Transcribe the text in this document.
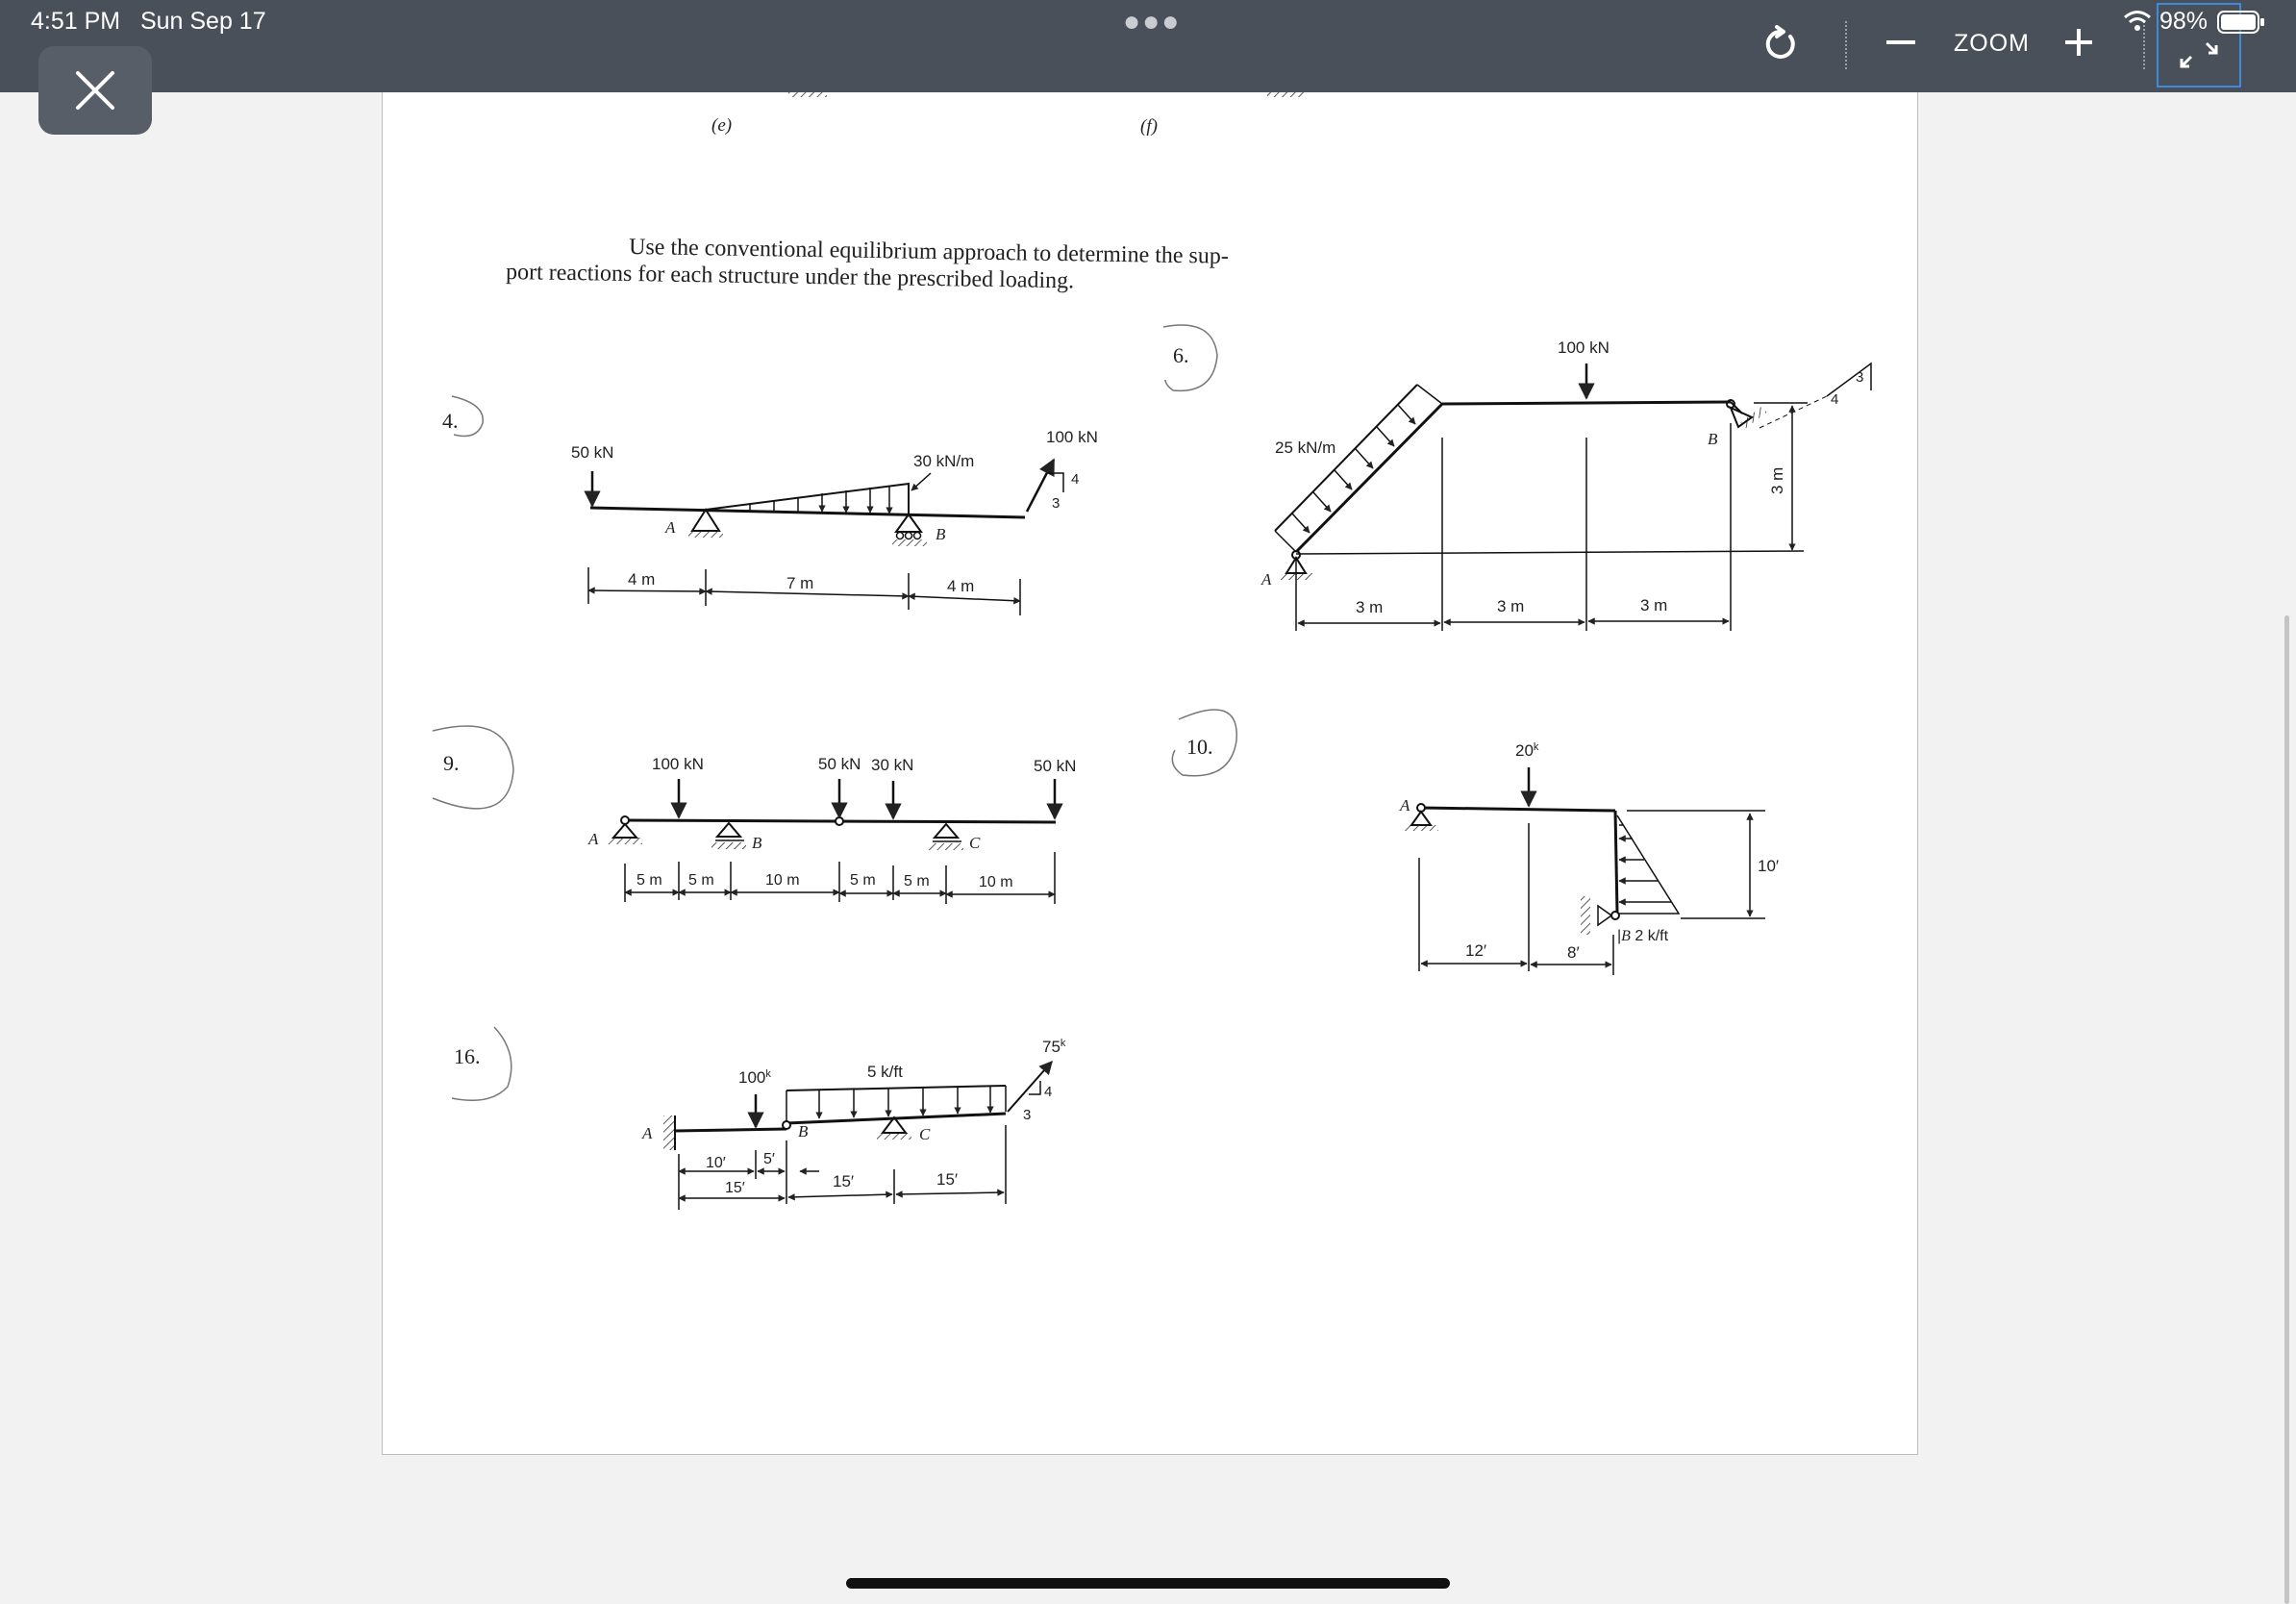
4:51 PM Sun Sep 17	●●●
ZOOM
98%
(e)	(f)
Use the conventional equilibrium approach to determine the sup-
port reactions for each structure under the prescribed loading.
4.
30 kN/m
50 kN
100 kN
4
3
A	B
4 m	7 m	4 m
6.
25 kN/m
100 kN
A
B
3
4
3 m
3 m	3 m	3 m
9.	100 kN	50 kN 30 kN	50 kN
A	B	C
5 m 5 m	10 m	5 m 5 m	10 m
10.
A
20$^k$
|B 2 k/ft
10′
12′	8′
16.
A
100$^k$	5 k/ft
75$^k$
4
3
B	C
10′ 5′
15′	15′	15′
